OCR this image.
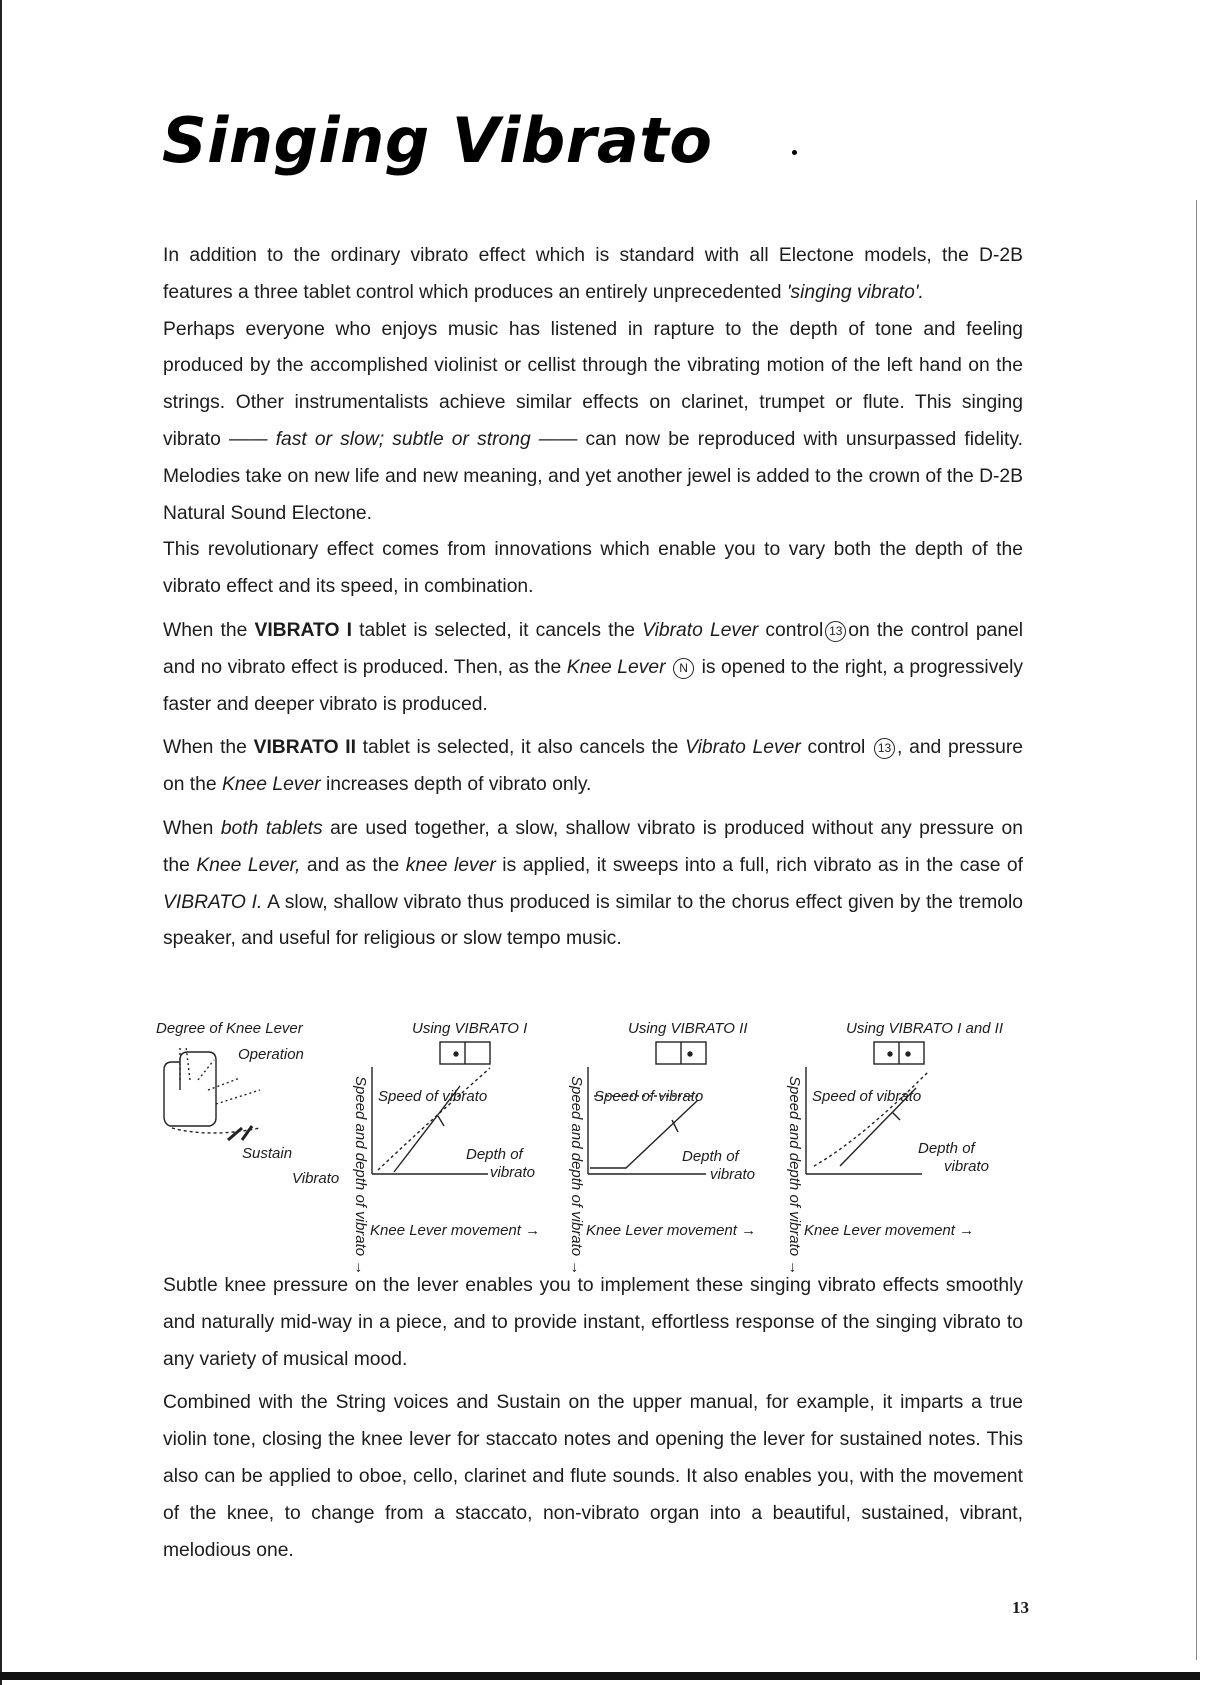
Singing Vibrato

In addition to the ordinary vibrato effect which is standard with all Electone models, the D-2B features a three tablet control which produces an entirely unprecedented 'singing vibrato'.

Perhaps everyone who enjoys music has listened in rapture to the depth of tone and feeling produced by the accomplished violinist or cellist through the vibrating motion of the left hand on the strings. Other instrumentalists achieve similar effects on clarinet, trumpet or flute. This singing vibrato —— fast or slow; subtle or strong —— can now be reproduced with unsurpassed fidelity. Melodies take on new life and new meaning, and yet another jewel is added to the crown of the D-2B Natural Sound Electone.

This revolutionary effect comes from innovations which enable you to vary both the depth of the vibrato effect and its speed, in combination.

When the VIBRATO I tablet is selected, it cancels the Vibrato Lever control 13 on the control panel and no vibrato effect is produced. Then, as the Knee Lever N is opened to the right, a progressively faster and deeper vibrato is produced.

When the VIBRATO II tablet is selected, it also cancels the Vibrato Lever control 13 , and pressure on the Knee Lever increases depth of vibrato only.

When both tablets are used together, a slow, shallow vibrato is produced without any pressure on the Knee Lever, and as the knee lever is applied, it sweeps into a full, rich vibrato as in the case of VIBRATO I. A slow, shallow vibrato thus produced is similar to the chorus effect given by the tremolo speaker, and useful for religious or slow tempo music.

Degree of Knee Lever
Operation
Sustain
Vibrato
Using VIBRATO I
Speed and depth of vibrato → Speed of vibrato
Depth of
vibrato
Knee Lever movement →
Using VIBRATO II
Speed and depth of vibrato → Speed of vibrato
Depth of
vibrato
Knee Lever movement →
Using VIBRATO I and II
Speed and depth of vibrato → Speed of vibrato
Depth of
vibrato
Knee Lever movement →

Subtle knee pressure on the lever enables you to implement these singing vibrato effects smoothly and naturally mid-way in a piece, and to provide instant, effortless response of the singing vibrato to any variety of musical mood.

Combined with the String voices and Sustain on the upper manual, for example, it imparts a true violin tone, closing the knee lever for staccato notes and opening the lever for sustained notes. This also can be applied to oboe, cello, clarinet and flute sounds. It also enables you, with the movement of the knee, to change from a staccato, non-vibrato organ into a beautiful, sustained, vibrant, melodious one.

13
